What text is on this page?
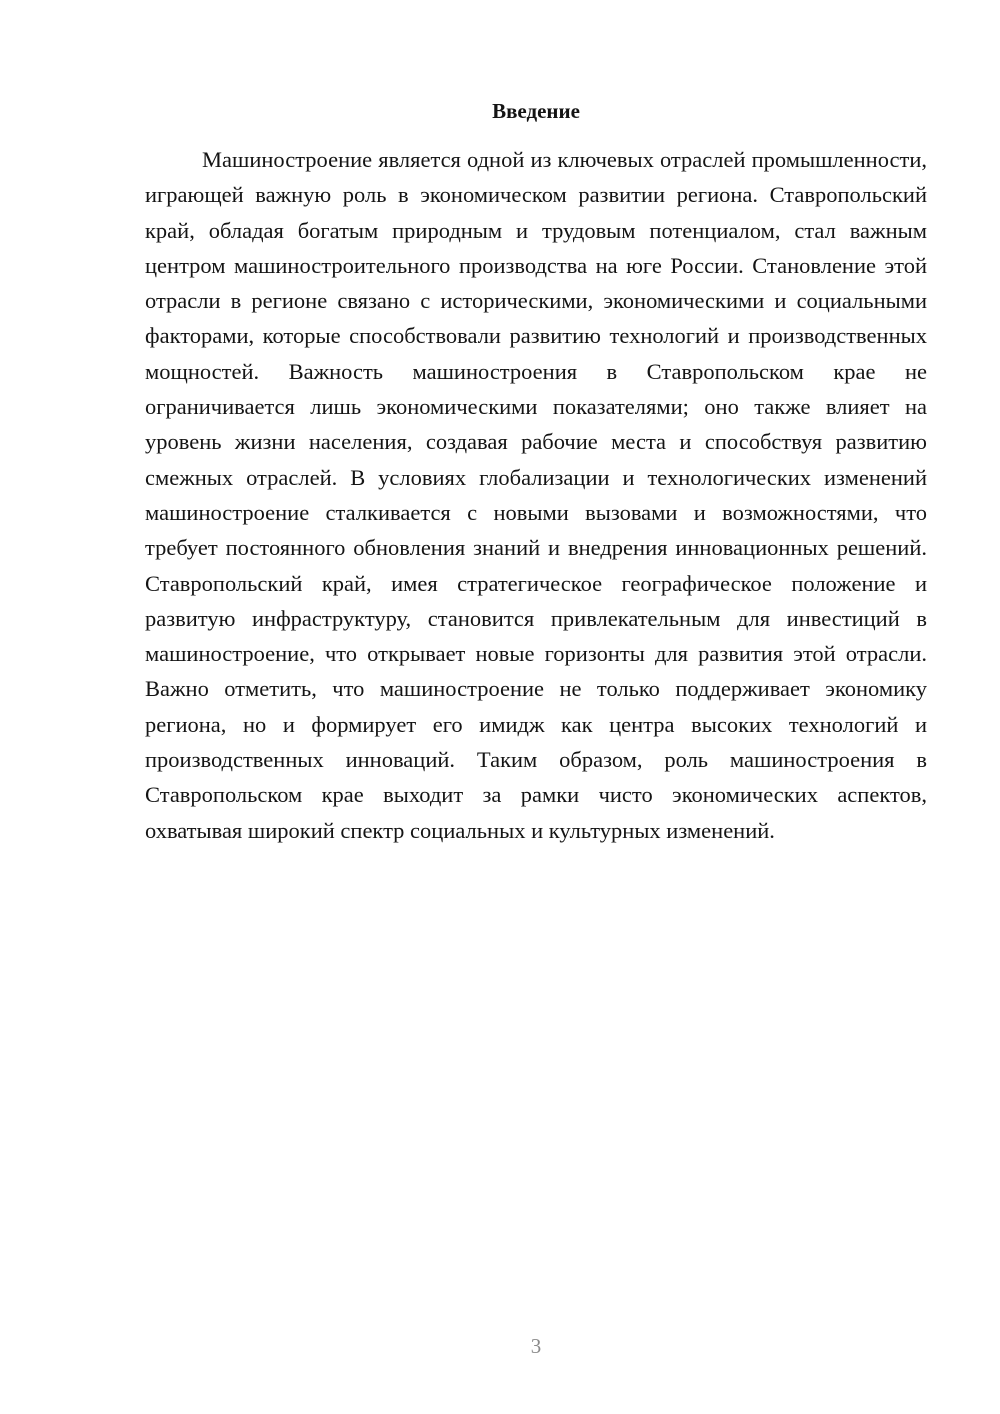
Введение

Машиностроение является одной из ключевых отраслей промышленности, играющей важную роль в экономическом развитии региона. Ставропольский край, обладая богатым природным и трудовым потенциалом, стал важным центром машиностроительного производства на юге России. Становление этой отрасли в регионе связано с историческими, экономическими и социальными факторами, которые способствовали развитию технологий и производственных мощностей. Важность машиностроения в Ставропольском крае не ограничивается лишь экономическими показателями; оно также влияет на уровень жизни населения, создавая рабочие места и способствуя развитию смежных отраслей. В условиях глобализации и технологических изменений машиностроение сталкивается с новыми вызовами и возможностями, что требует постоянного обновления знаний и внедрения инновационных решений. Ставропольский край, имея стратегическое географическое положение и развитую инфраструктуру, становится привлекательным для инвестиций в машиностроение, что открывает новые горизонты для развития этой отрасли. Важно отметить, что машиностроение не только поддерживает экономику региона, но и формирует его имидж как центра высоких технологий и производственных инноваций. Таким образом, роль машиностроения в Ставропольском крае выходит за рамки чисто экономических аспектов, охватывая широкий спектр социальных и культурных изменений.

3
